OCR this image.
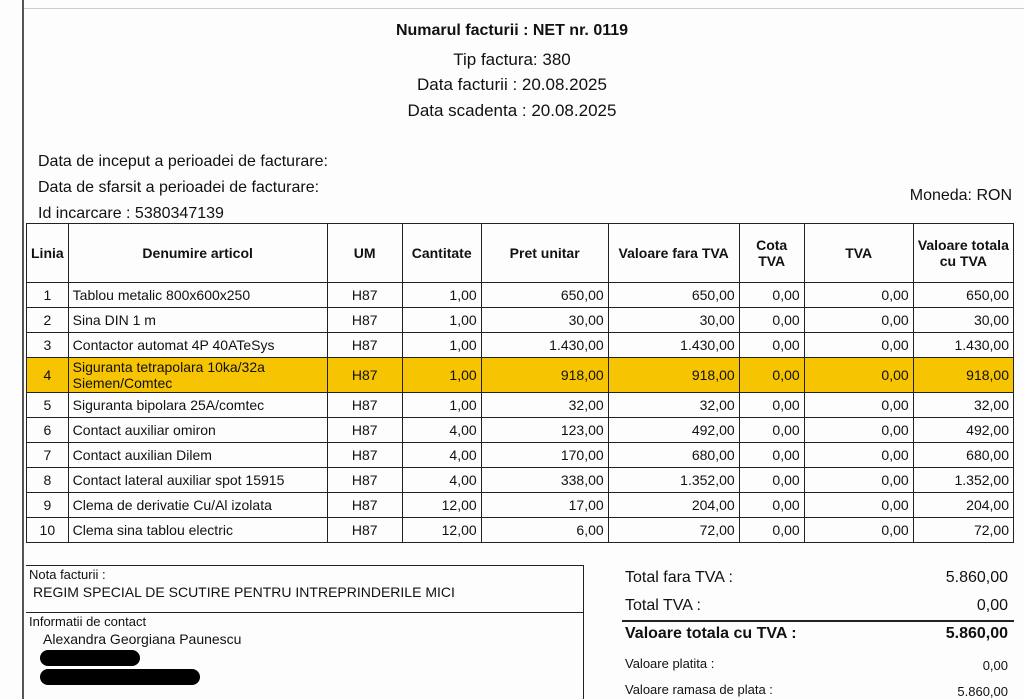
Numarul facturii : NET nr. 0119
Tip factura: 380
Data facturii : 20.08.2025
Data scadenta : 20.08.2025
Data de inceput a perioadei de facturare:
Data de sfarsit a perioadei de facturare:
Id incarcare : 5380347139
Moneda: RON
Linia	Denumire articol	UM	Cantitate	Pret unitar	Valoare fara TVA	Cota TVA	TVA	Valoare totala cu TVA
1	Tablou metalic 800x600x250	H87	1,00	650,00	650,00	0,00	0,00	650,00
2	Sina DIN 1 m	H87	1,00	30,00	30,00	0,00	0,00	30,00
3	Contactor automat 4P 40ATeSys	H87	1,00	1.430,00	1.430,00	0,00	0,00	1.430,00
4	Siguranta tetrapolara 10ka/32a Siemen/Comtec	H87	1,00	918,00	918,00	0,00	0,00	918,00
5	Siguranta bipolara 25A/comtec	H87	1,00	32,00	32,00	0,00	0,00	32,00
6	Contact auxiliar omiron	H87	4,00	123,00	492,00	0,00	0,00	492,00
7	Contact auxilian Dilem	H87	4,00	170,00	680,00	0,00	0,00	680,00
8	Contact lateral auxiliar spot 15915	H87	4,00	338,00	1.352,00	0,00	0,00	1.352,00
9	Clema de derivatie Cu/Al izolata	H87	12,00	17,00	204,00	0,00	0,00	204,00
10	Clema sina tablou electric	H87	12,00	6,00	72,00	0,00	0,00	72,00
Nota facturii :
REGIM SPECIAL DE SCUTIRE PENTRU INTREPRINDERILE MICI
Informatii de contact
Alexandra Georgiana Paunescu
Total fara TVA :	5.860,00
Total TVA :	0,00
Valoare totala cu TVA :	5.860,00
Valoare platita :	0,00
Valoare ramasa de plata :	5.860,00
